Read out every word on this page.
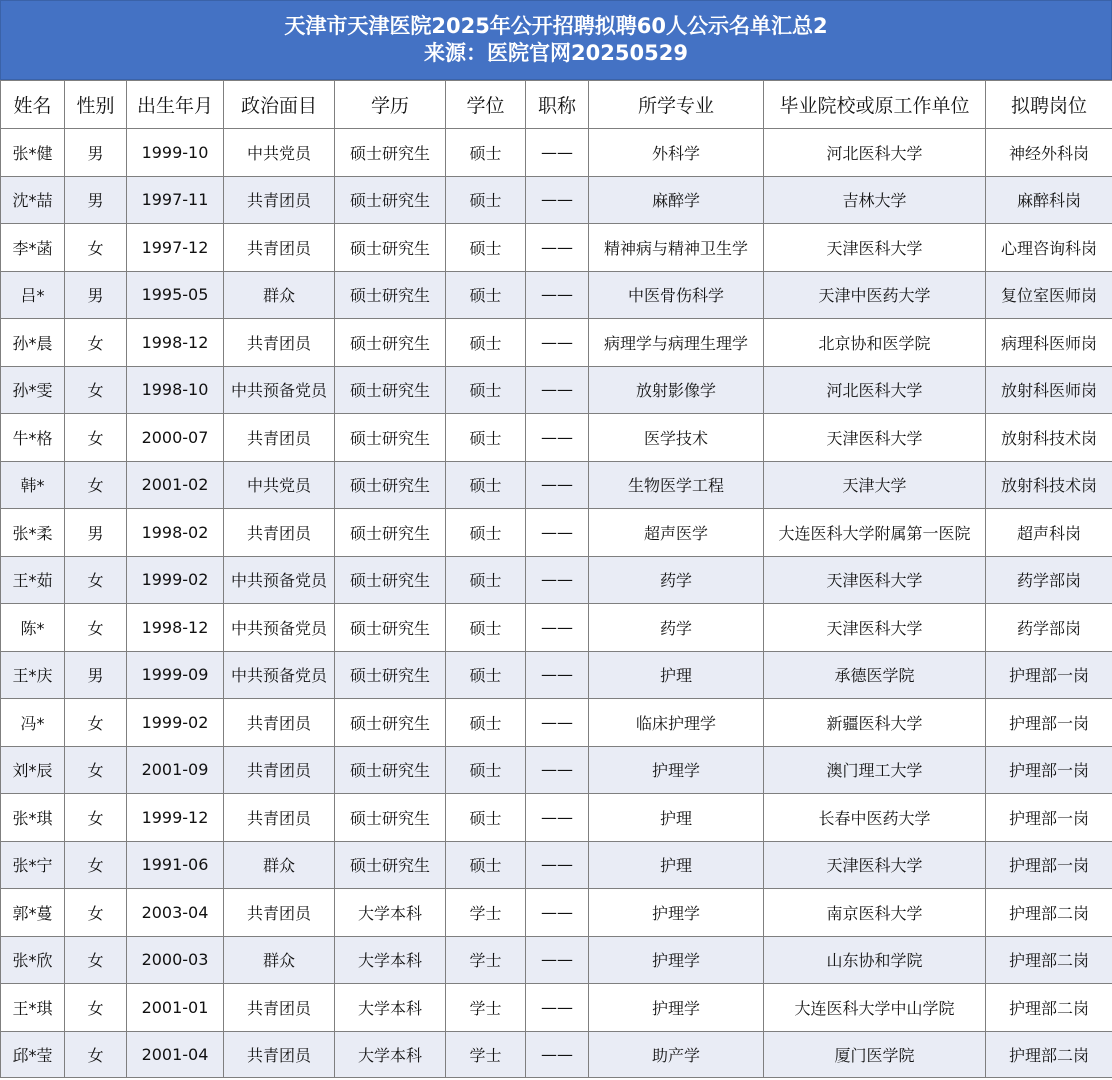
天津市天津医院2025年公开招聘拟聘60人公示名单汇总2
来源：医院官网20250529
姓名	性别	出生年月	政治面目	学历	学位	职称	所学专业	毕业院校或原工作单位	拟聘岗位
张*健	男	1999-10	中共党员	硕士研究生	硕士	——	外科学	河北医科大学	神经外科岗
沈*喆	男	1997-11	共青团员	硕士研究生	硕士	——	麻醉学	吉林大学	麻醉科岗
李*菡	女	1997-12	共青团员	硕士研究生	硕士	——	精神病与精神卫生学	天津医科大学	心理咨询科岗
吕*	男	1995-05	群众	硕士研究生	硕士	——	中医骨伤科学	天津中医药大学	复位室医师岗
孙*晨	女	1998-12	共青团员	硕士研究生	硕士	——	病理学与病理生理学	北京协和医学院	病理科医师岗
孙*雯	女	1998-10	中共预备党员	硕士研究生	硕士	——	放射影像学	河北医科大学	放射科医师岗
牛*格	女	2000-07	共青团员	硕士研究生	硕士	——	医学技术	天津医科大学	放射科技术岗
韩*	女	2001-02	中共党员	硕士研究生	硕士	——	生物医学工程	天津大学	放射科技术岗
张*柔	男	1998-02	共青团员	硕士研究生	硕士	——	超声医学	大连医科大学附属第一医院	超声科岗
王*茹	女	1999-02	中共预备党员	硕士研究生	硕士	——	药学	天津医科大学	药学部岗
陈*	女	1998-12	中共预备党员	硕士研究生	硕士	——	药学	天津医科大学	药学部岗
王*庆	男	1999-09	中共预备党员	硕士研究生	硕士	——	护理	承德医学院	护理部一岗
冯*	女	1999-02	共青团员	硕士研究生	硕士	——	临床护理学	新疆医科大学	护理部一岗
刘*辰	女	2001-09	共青团员	硕士研究生	硕士	——	护理学	澳门理工大学	护理部一岗
张*琪	女	1999-12	共青团员	硕士研究生	硕士	——	护理	长春中医药大学	护理部一岗
张*宁	女	1991-06	群众	硕士研究生	硕士	——	护理	天津医科大学	护理部一岗
郭*蔓	女	2003-04	共青团员	大学本科	学士	——	护理学	南京医科大学	护理部二岗
张*欣	女	2000-03	群众	大学本科	学士	——	护理学	山东协和学院	护理部二岗
王*琪	女	2001-01	共青团员	大学本科	学士	——	护理学	大连医科大学中山学院	护理部二岗
邱*莹	女	2001-04	共青团员	大学本科	学士	——	助产学	厦门医学院	护理部二岗
